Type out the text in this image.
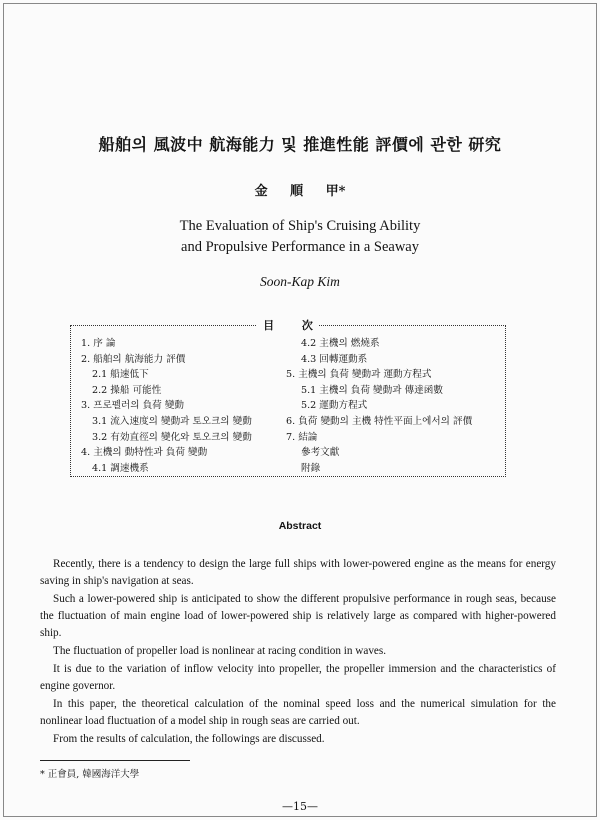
船舶의 風波中 航海能力 및 推進性能 評價에 관한 研究
金 順 甲*
The Evaluation of Ship's Cruising Ability
and Propulsive Performance in a Seaway
Soon-Kap Kim
目 次
1. 序 論
2. 船舶의 航海能力 評價
2.1 船速低下
2.2 操船 可能性
3. 프로펠러의 負荷 變動
3.1 流入速度의 變動과 토오크의 變動
3.2 有効直徑의 變化와 토오크의 變動
4. 主機의 動特性과 負荷 變動
4.1 調速機系
4.2 主機의 燃燒系
4.3 回轉運動系
5. 主機의 負荷 變動과 運動方程式
5.1 主機의 負荷 變動과 傳達函數
5.2 運動方程式
6. 負荷 變動의 主機 特性平面上에서의 評價
7. 結論
參考文獻
附錄
Abstract

Recently, there is a tendency to design the large full ships with lower-powered engine as the means for energy saving in ship's navigation at seas.

Such a lower-powered ship is anticipated to show the different propulsive performance in rough seas, because the fluctuation of main engine load of lower-powered ship is relatively large as compared with higher-powered ship.

The fluctuation of propeller load is nonlinear at racing condition in waves.

It is due to the variation of inflow velocity into propeller, the propeller immersion and the characteristics of engine governor.

In this paper, the theoretical calculation of the nominal speed loss and the numerical simulation for the nonlinear load fluctuation of a model ship in rough seas are carried out.

From the results of calculation, the followings are discussed.

* 正會員, 韓國海洋大學
—15—
